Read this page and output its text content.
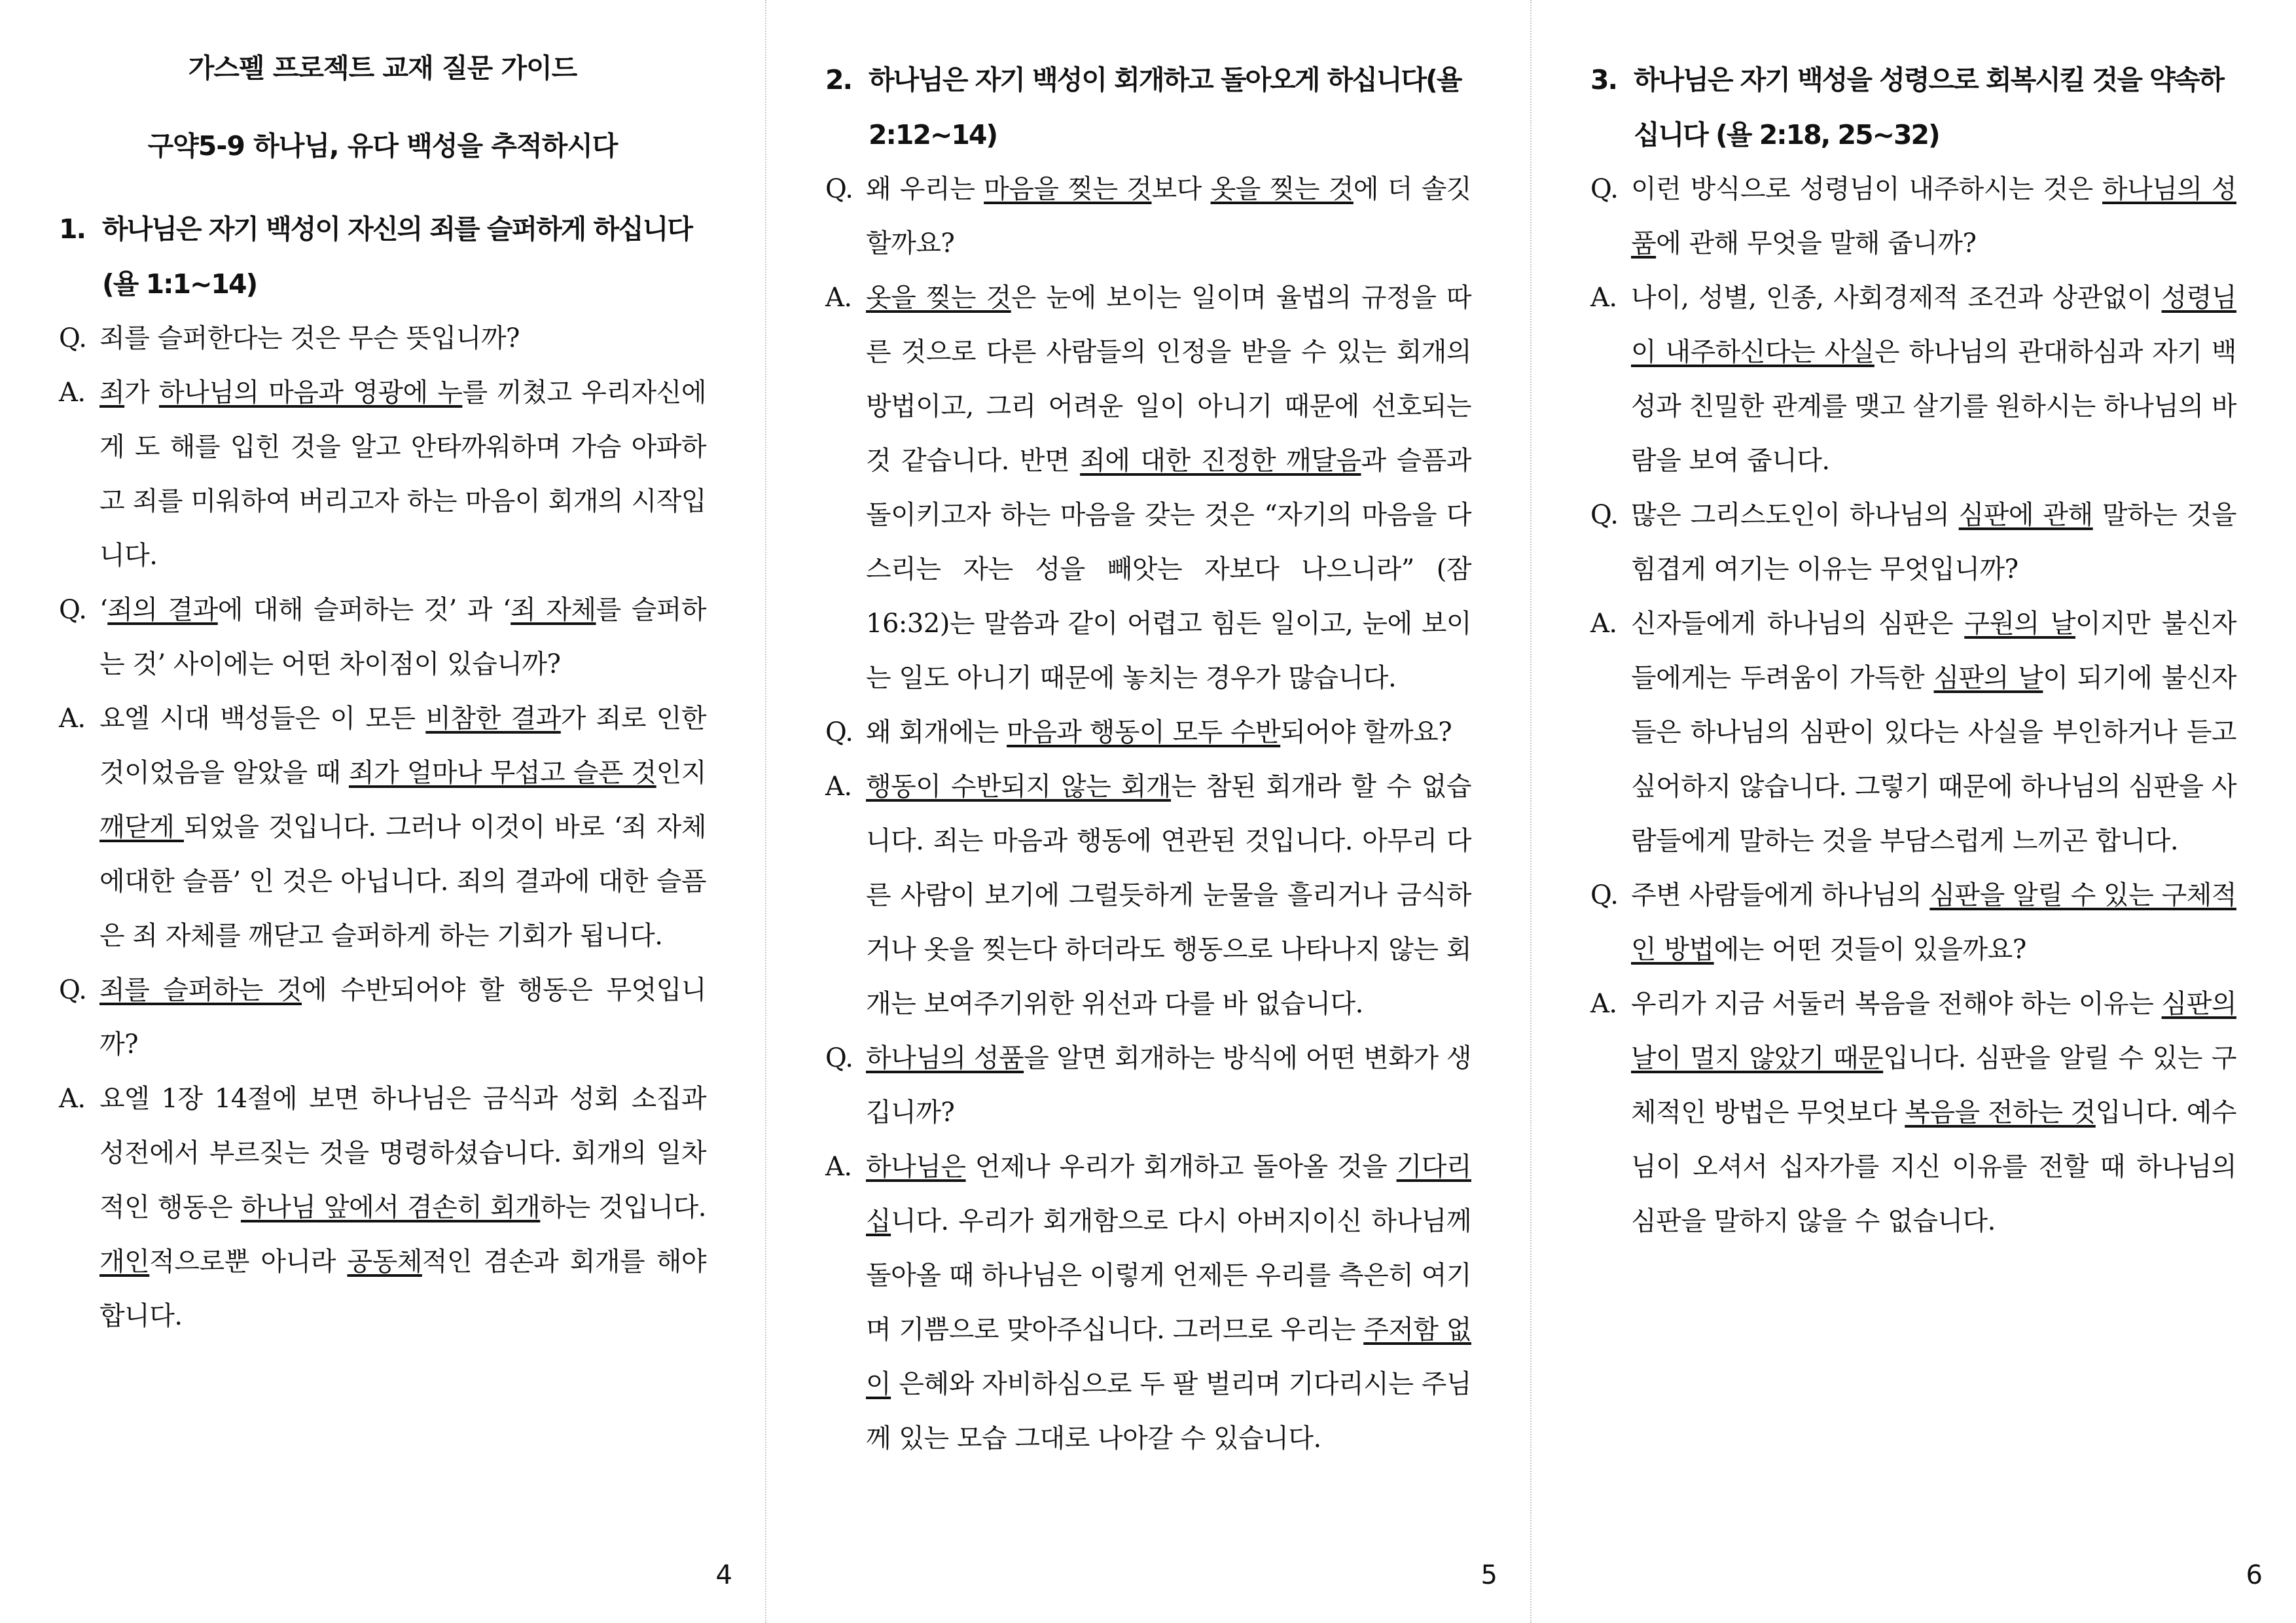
가스펠 프로젝트 교재 질문 가이드
구약5-9 하나님, 유다 백성을 추적하시다
1. 하나님은 자기 백성이 자신의 죄를 슬퍼하게 하십니다(욜 1:1~14)
Q. 죄를 슬퍼한다는 것은 무슨 뜻입니까?
A. 죄가 하나님의 마음과 영광에 누를 끼쳤고 우리자신에게 도 해를 입힌 것을 알고 안타까워하며 가슴 아파하고 죄를 미워하여 버리고자 하는 마음이 회개의 시작입니다.
Q. ‘죄의 결과에 대해 슬퍼하는 것’ 과 ‘죄 자체를 슬퍼하는 것’ 사이에는 어떤 차이점이 있습니까?
A. 요엘 시대 백성들은 이 모든 비참한 결과가 죄로 인한 것이었음을 알았을 때 죄가 얼마나 무섭고 슬픈 것인지 깨닫게 되었을 것입니다. 그러나 이것이 바로 ‘죄 자체에대한 슬픔’ 인 것은 아닙니다. 죄의 결과에 대한 슬픔은 죄 자체를 깨닫고 슬퍼하게 하는 기회가 됩니다.
Q. 죄를 슬퍼하는 것에 수반되어야 할 행동은 무엇입니까?
A. 요엘 1장 14절에 보면 하나님은 금식과 성회 소집과 성전에서 부르짖는 것을 명령하셨습니다. 회개의 일차적인 행동은 하나님 앞에서 겸손히 회개하는 것입니다. 개인적으로뿐 아니라 공동체적인 겸손과 회개를 해야 합니다.
4
2. 하나님은 자기 백성이 회개하고 돌아오게 하십니다(욜 2:12~14)
Q. 왜 우리는 마음을 찢는 것보다 옷을 찢는 것에 더 솔깃할까요?
A. 옷을 찢는 것은 눈에 보이는 일이며 율법의 규정을 따른 것으로 다른 사람들의 인정을 받을 수 있는 회개의 방법이고, 그리 어려운 일이 아니기 때문에 선호되는 것 같습니다. 반면 죄에 대한 진정한 깨달음과 슬픔과 돌이키고자 하는 마음을 갖는 것은 “자기의 마음을 다스리는 자는 성을 빼앗는 자보다 나으니라” (잠 16:32)는 말씀과 같이 어렵고 힘든 일이고, 눈에 보이는 일도 아니기 때문에 놓치는 경우가 많습니다.
Q. 왜 회개에는 마음과 행동이 모두 수반되어야 할까요?
A. 행동이 수반되지 않는 회개는 참된 회개라 할 수 없습니다. 죄는 마음과 행동에 연관된 것입니다. 아무리 다른 사람이 보기에 그럴듯하게 눈물을 흘리거나 금식하거나 옷을 찢는다 하더라도 행동으로 나타나지 않는 회개는 보여주기위한 위선과 다를 바 없습니다.
Q. 하나님의 성품을 알면 회개하는 방식에 어떤 변화가 생깁니까?
A. 하나님은 언제나 우리가 회개하고 돌아올 것을 기다리십니다. 우리가 회개함으로 다시 아버지이신 하나님께 돌아올 때 하나님은 이렇게 언제든 우리를 측은히 여기며 기쁨으로 맞아주십니다. 그러므로 우리는 주저함 없이 은혜와 자비하심으로 두 팔 벌리며 기다리시는 주님께 있는 모습 그대로 나아갈 수 있습니다.
5
3. 하나님은 자기 백성을 성령으로 회복시킬 것을 약속하십니다 (욜 2:18, 25~32)
Q. 이런 방식으로 성령님이 내주하시는 것은 하나님의 성품에 관해 무엇을 말해 줍니까?
A. 나이, 성별, 인종, 사회경제적 조건과 상관없이 성령님이 내주하신다는 사실은 하나님의 관대하심과 자기 백성과 친밀한 관계를 맺고 살기를 원하시는 하나님의 바람을 보여 줍니다.
Q. 많은 그리스도인이 하나님의 심판에 관해 말하는 것을 힘겹게 여기는 이유는 무엇입니까?
A. 신자들에게 하나님의 심판은 구원의 날이지만 불신자들에게는 두려움이 가득한 심판의 날이 되기에 불신자들은 하나님의 심판이 있다는 사실을 부인하거나 듣고 싶어하지 않습니다. 그렇기 때문에 하나님의 심판을 사람들에게 말하는 것을 부담스럽게 느끼곤 합니다.
Q. 주변 사람들에게 하나님의 심판을 알릴 수 있는 구체적인 방법에는 어떤 것들이 있을까요?
A. 우리가 지금 서둘러 복음을 전해야 하는 이유는 심판의 날이 멀지 않았기 때문입니다. 심판을 알릴 수 있는 구체적인 방법은 무엇보다 복음을 전하는 것입니다. 예수님이 오셔서 십자가를 지신 이유를 전할 때 하나님의 심판을 말하지 않을 수 없습니다.
6
